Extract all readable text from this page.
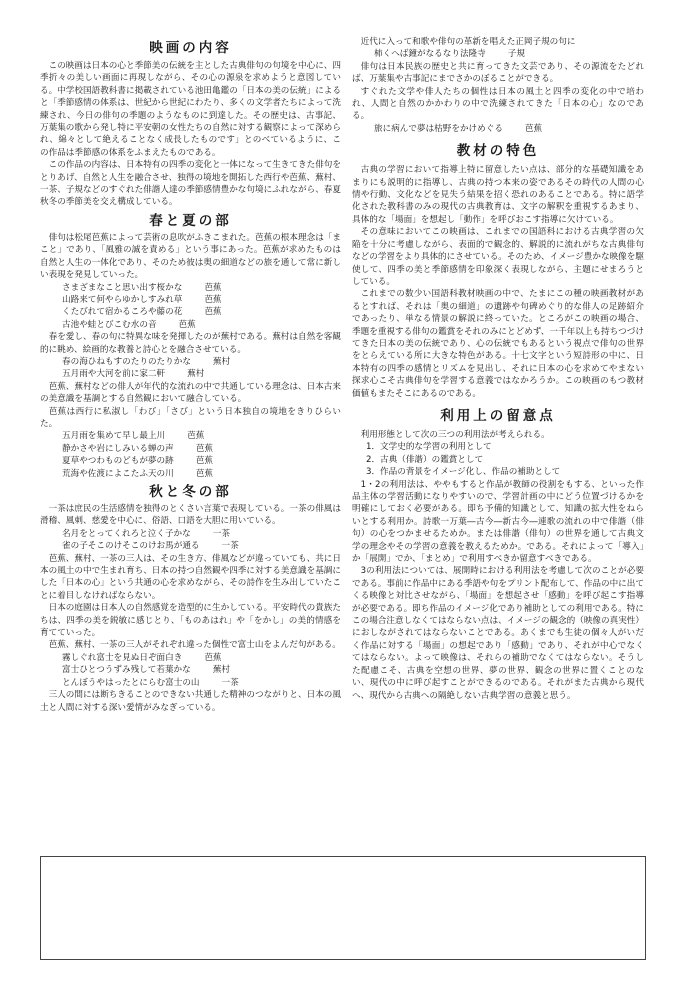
映画の内容

この映画は日本の心と季節美の伝統を主とした古典俳句の句境を中心に、四季折々の美しい画面に再現しながら、その心の源泉を求めようと意図している。中学校国語教科書に掲載されている池田亀鑑の「日本の美の伝統」によると「季節感情の体系は、世紀から世紀にわたり、多くの文学者たちによって洗練され、今日の俳句の季題のようなものに到達した。その歴史は、古事記、万葉集の歌から発し特に平安朝の女性たちの自然に対する観察によって深められ、綿々として絶えることなく成長したものです」とのべているように、この作品は季節感の体系をふまえたものである。

この作品の内容は、日本特有の四季の変化と一体になって生きてきた俳句をとりあげ、自然と人生を融合させ、独得の境地を開拓した西行や芭蕉、蕪村、一茶、子規などのすぐれた俳諧人達の季節感情豊かな句境にふれながら、春夏秋冬の季節美を交え構成している。

春と夏の部

俳句は松尾芭蕉によって芸術の息吹がふきこまれた。芭蕉の根本理念は「まこと」であり、「風雅の誠を責める」という事にあった。芭蕉が求めたものは自然と人生の一体化であり、そのため彼は奥の細道などの旅を通して常に新しい表現を発見していった。

さまざまなこと思い出す桜かな	芭蕉
山路来て何やらゆかしすみれ草	芭蕉
くたびれて宿かるころや藤の花	芭蕉
古池や蛙とびこむ水の音	芭蕉

春を愛し、春の句に特異な味を発揮したのが蕪村である。蕪村は自然を客観的に眺め、絵画的な教養と詩心とを融合させている。

春の海ひねもすのたりのたりかな	蕪村
五月雨や大河を前に家二軒	蕪村

芭蕉、蕪村などの俳人が年代的な流れの中で共通している理念は、日本古来の美意識を基調とする自然観において融合している。

芭蕉は西行に私淑し「わび」「さび」という日本独自の境地をきりひらいた。

五月雨を集めて早し最上川	芭蕉
静かさや岩にしみいる蝉の声	芭蕉
夏草やつわものどもが夢の跡	芭蕉
荒海や佐渡によこたふ天の川	芭蕉
秋と冬の部

一茶は庶民の生活感情を独得のとくさい言葉で表現している。一茶の俳風は滑稽、風刺、慈愛を中心に、俗語、口語を大胆に用いている。

名月をとってくれろと泣く子かな	一茶
雀の子そこのけそこのけお馬が通る	一茶

芭蕉、蕪村、一茶の三人は、その生き方、俳風などが違っていても、共に日本の風土の中で生まれ育ち、日本の持つ自然観や四季に対する美意識を基調にした「日本の心」という共通の心を求めながら、その詩作を生み出していたことに着目しなければならない。

日本の庭園は日本人の自然感覚を造型的に生かしている。平安時代の貴族たちは、四季の美を鋭敏に感じとり、「ものあはれ」や「をかし」の美的情感を育てていった。

芭蕉、蕪村、一茶の三人がそれぞれ違った個性で富士山をよんだ句がある。

霧しぐれ富士を見ぬ日ぞ面白き	芭蕉
富士ひとつうずみ残して若葉かな	蕪村
とんぼうやはったとにらむ富士の山	一茶

三人の間には断ちきることのできない共通した精神のつながりと、日本の風土と人間に対する深い愛情がみなぎっている。

近代に入って和歌や俳句の革新を唱えた正岡子規の句に

柿くへば鐘がなるなり法隆寺	子規

俳句は日本民族の歴史と共に育ってきた文芸であり、その源流をたどれば、万葉集や古事記にまでさかのぼることができる。

すぐれた文学や俳人たちの個性は日本の風土と四季の変化の中で培われ、人間と自然のかかわりの中で洗練されてきた「日本の心」なのである。

旅に病んで夢は枯野をかけめぐる	芭蕉
教材の特色

古典の学習において指導上特に留意したい点は、部分的な基礎知識をあまりにも説明的に指導し、古典の持つ本来の姿であるその時代の人間の心情や行動、文化などを見失う結果を招く恐れのあることである。特に語学化された教科書のみの現代の古典教育は、文字の解釈を重視するあまり、具体的な「場面」を想起し「動作」を呼びおこす指導に欠けている。

その意味においてこの映画は、これまでの国語科における古典学習の欠陥を十分に考慮しながら、表面的で観念的、解説的に流れがちな古典俳句などの学習をより具体的にさせている。そのため、イメージ豊かな映像を駆使して、四季の美と季節感情を印象深く表現しながら、主題にせまろうとしている。

これまでの数少い国語科教材映画の中で、たまにこの種の映画教材があるとすれば、それは「奥の細道」の遺跡や句碑めぐり的な俳人の足跡紹介であったり、単なる情景の解説に終っていた。ところがこの映画の場合、季題を重視する俳句の鑑賞をそれのみにとどめず、一千年以上も持ちつづけてきた日本の美の伝統であり、心の伝統でもあるという視点で俳句の世界をとらえている所に大きな特色がある。十七文字という短詩形の中に、日本特有の四季の感情とリズムを見出し、それに日本の心を求めてやまない探求心こそ古典俳句を学習する意義ではなかろうか。この映画のもつ教材価値もまたそこにあるのである。

利用上の留意点

利用形態として次の三つの利用法が考えられる。

1．文学史的な学習の利用として
2．古典（俳諧）の鑑賞として
3．作品の背景をイメージ化し、作品の補助として

1・2の利用法は、ややもすると作品が教師の役割をもする、といった作品主体の学習活動になりやすいので、学習計画の中にどう位置づけるかを明確にしておく必要がある。即ち予備的知識として、知識の拡大性をねらいとする利用か。詩歌一万葉―古今―新古今―連歌の流れの中で俳諧（俳句）の心をつかませるためか。または俳諧（俳句）の世界を通して古典文学の理念やその学習の意義を教えるためか。である。それによって「導入」か「展開」でか、「まとめ」で利用すべきか留意すべきである。

3の利用法については、展開時における利用法を考慮して次のことが必要である。事前に作品中にある季語や句をプリント配布して、作品の中に出てくる映像と対比させながら、「場面」を想起させ「感動」を呼び起こす指導が必要である。即ち作品のイメージ化であり補助としての利用である。特にこの場合注意しなくてはならない点は、イメージの観念的（映像の真実性）におしながされてはならないことである。あくまでも生徒の個々人がいだく作品に対する「場面」の想起であり「感動」であり、それが中心でなくてはならない。よって映像は、それらの補助でなくてはならない。そうした配慮こそ、古典を空想の世界、夢の世界、観念の世界に置くことのない、現代の中に呼び起すことができるのである。それがまた古典から現代へ、現代から古典への隔絶しない古典学習の意義と思う。
